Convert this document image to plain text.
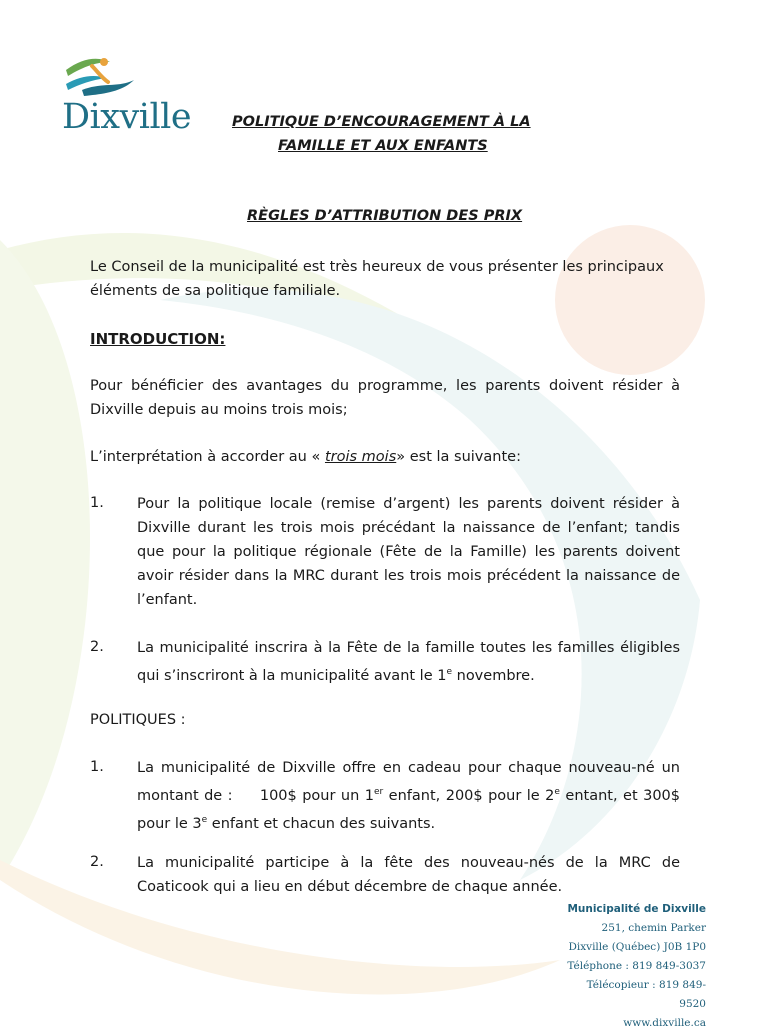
Dixville	POLITIQUE D’ENCOURAGEMENT À LA
FAMILLE ET AUX ENFANTS
RÈGLES D’ATTRIBUTION DES PRIX
Le Conseil de la municipalité est très heureux de vous présenter les principaux éléments de sa politique familiale.
INTRODUCTION:
Pour bénéficier des avantages du programme, les parents doivent résider à Dixville depuis au moins trois mois;
L’interprétation à accorder au « trois mois» est la suivante:
1. Pour la politique locale (remise d’argent) les parents doivent résider à Dixville durant les trois mois précédant la naissance de l’enfant; tandis que pour la politique régionale (Fête de la Famille) les parents doivent avoir résider dans la MRC durant les trois mois précédent la naissance de l’enfant.
2. La municipalité inscrira à la Fête de la famille toutes les familles éligibles qui s’inscriront à la municipalité avant le 1e novembre.
POLITIQUES :
1. La municipalité de Dixville offre en cadeau pour chaque nouveau-né un montant de :     100$ pour un 1er enfant, 200$ pour le 2e entant, et 300$ pour le 3e enfant et chacun des suivants.
2. La municipalité participe à la fête des nouveau-nés de la MRC de Coaticook qui a lieu en début décembre de chaque année.
Municipalité de Dixville
251, chemin Parker
Dixville (Québec) J0B 1P0
Téléphone : 819 849-3037
Télécopieur : 819 849-9520
www.dixville.ca
